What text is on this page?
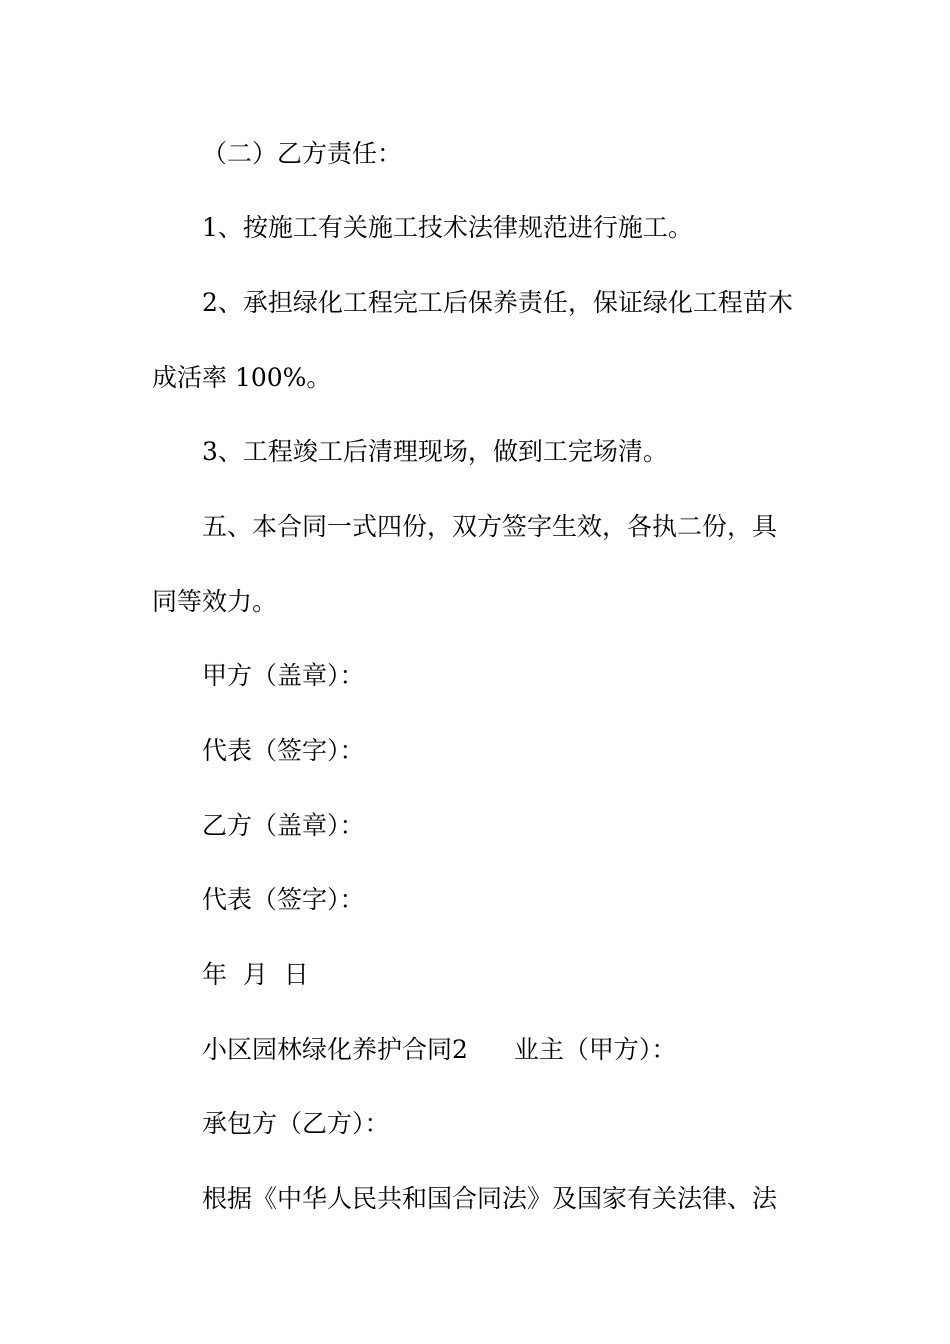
（二）乙方责任：
1、按施工有关施工技术法律规范进行施工。
2、承担绿化工程完工后保养责任，保证绿化工程苗木
成活率 100%。
3、工程竣工后清理现场，做到工完场清。
五、本合同一式四份，双方签字生效，各执二份，具
同等效力。
甲方（盖章）：
代表（签字）：
乙方（盖章）：
代表（签字）：
年  月  日
小区园林绿化养护合同2 业主（甲方）：
承包方（乙方）：
根据《中华人民共和国合同法》及国家有关法律、法
